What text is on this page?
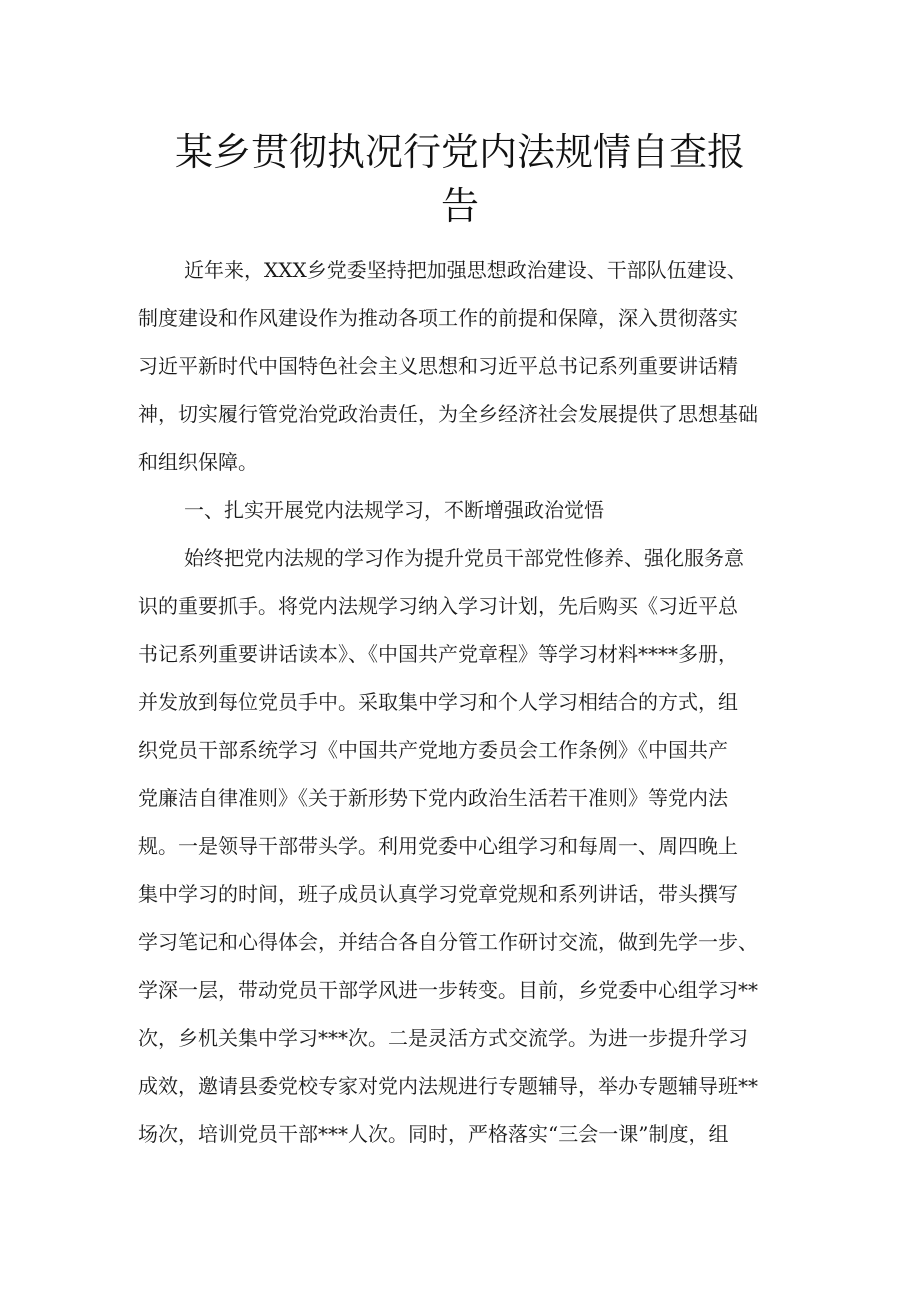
某乡贯彻执况行党内法规情自查报
告
近年来，XXX乡党委坚持把加强思想政治建设、干部队伍建设、
制度建设和作风建设作为推动各项工作的前提和保障，深入贯彻落实
习近平新时代中国特色社会主义思想和习近平总书记系列重要讲话精
神，切实履行管党治党政治责任，为全乡经济社会发展提供了思想基础
和组织保障。
一、扎实开展党内法规学习，不断增强政治觉悟
始终把党内法规的学习作为提升党员干部党性修养、强化服务意
识的重要抓手。将党内法规学习纳入学习计划，先后购买《习近平总
书记系列重要讲话读本》、《中国共产党章程》等学习材料****多册，
并发放到每位党员手中。采取集中学习和个人学习相结合的方式，组
织党员干部系统学习《中国共产党地方委员会工作条例》《中国共产
党廉洁自律准则》《关于新形势下党内政治生活若干准则》等党内法
规。一是领导干部带头学。利用党委中心组学习和每周一、周四晚上
集中学习的时间，班子成员认真学习党章党规和系列讲话，带头撰写
学习笔记和心得体会，并结合各自分管工作研讨交流，做到先学一步、
学深一层，带动党员干部学风进一步转变。目前，乡党委中心组学习**
次，乡机关集中学习***次。二是灵活方式交流学。为进一步提升学习
成效，邀请县委党校专家对党内法规进行专题辅导，举办专题辅导班**
场次，培训党员干部***人次。同时，严格落实“三会一课”制度，组
